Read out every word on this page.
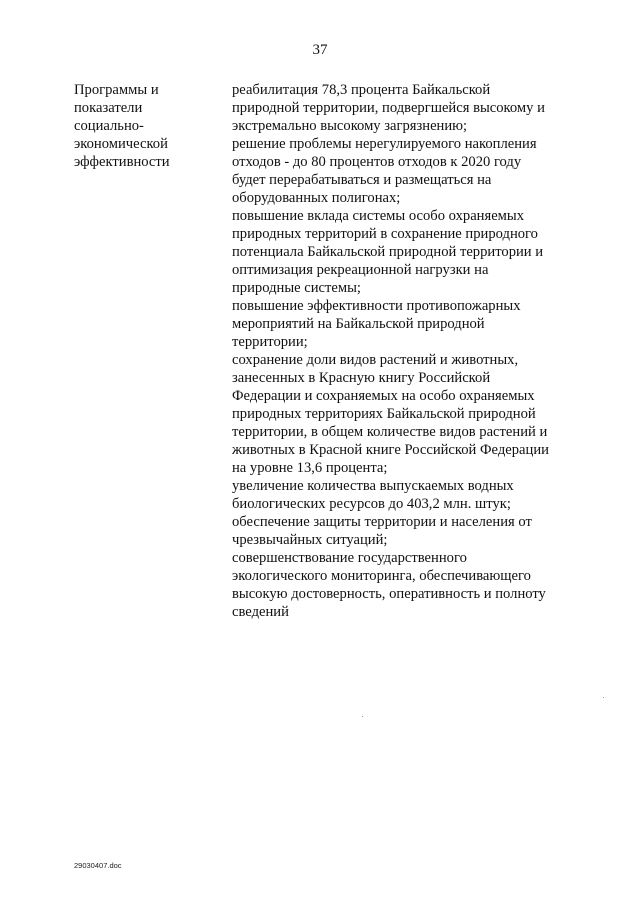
37
Программы и
показатели
социально-
экономической
эффективности
реабилитация 78,3 процента Байкальской
природной территории, подвергшейся высокому и
экстремально высокому загрязнению;
решение проблемы нерегулируемого накопления
отходов - до 80 процентов отходов к 2020 году
будет перерабатываться и размещаться на
оборудованных полигонах;
повышение вклада системы особо охраняемых
природных территорий в сохранение природного
потенциала Байкальской природной территории и
оптимизация рекреационной нагрузки на
природные системы;
повышение эффективности противопожарных
мероприятий на Байкальской природной
территории;
сохранение доли видов растений и животных,
занесенных в Красную книгу Российской
Федерации и сохраняемых на особо охраняемых
природных территориях Байкальской природной
территории, в общем количестве видов растений и
животных в Красной книге Российской Федерации
на уровне 13,6 процента;
увеличение количества выпускаемых водных
биологических ресурсов до 403,2 млн. штук;
обеспечение защиты территории и населения от
чрезвычайных ситуаций;
совершенствование государственного
экологического мониторинга, обеспечивающего
высокую достоверность, оперативность и полноту
сведений
29030407.doc
